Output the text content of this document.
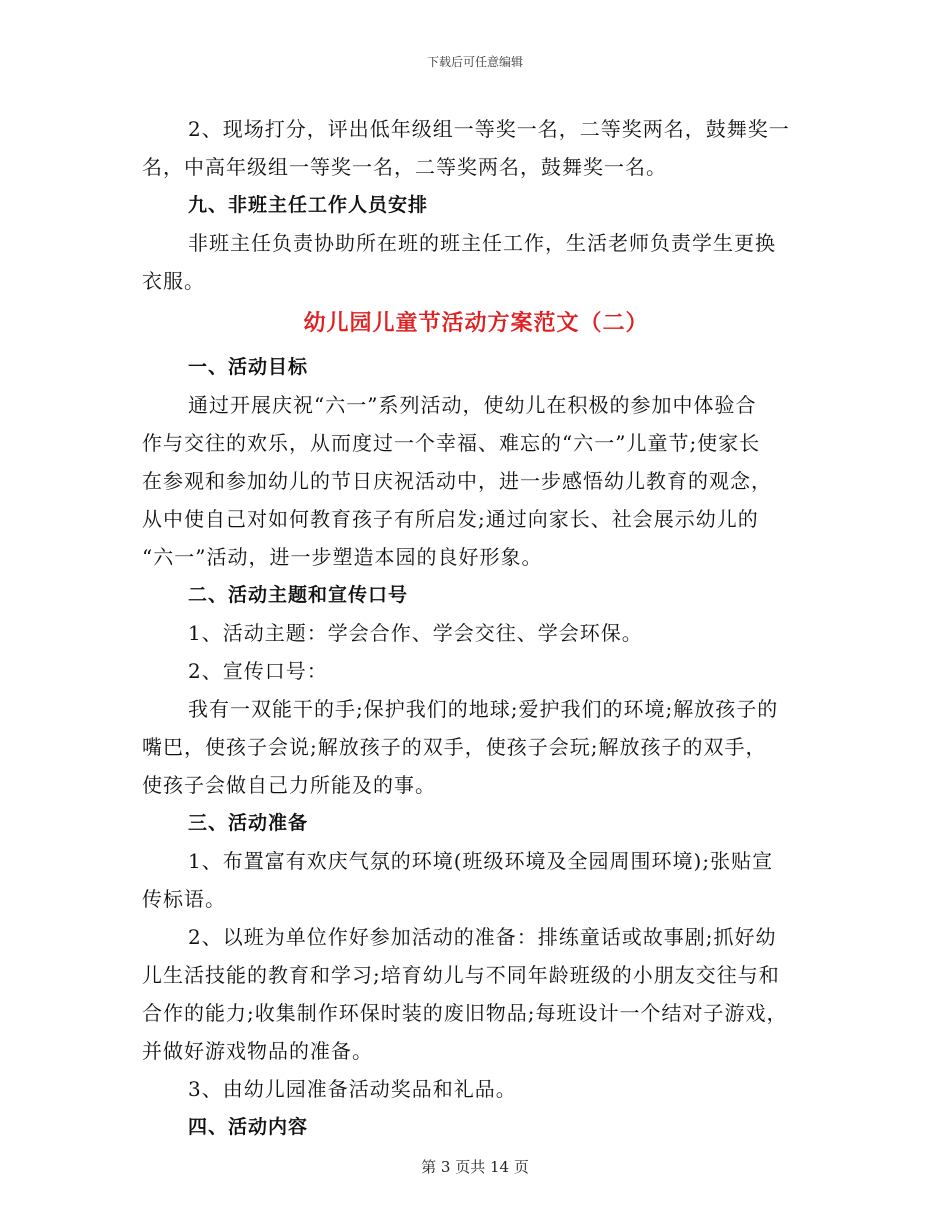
下载后可任意编辑

2、现场打分，评出低年级组一等奖一名，二等奖两名，鼓舞奖一

名，中高年级组一等奖一名，二等奖两名，鼓舞奖一名。

九、非班主任工作人员安排

非班主任负责协助所在班的班主任工作，生活老师负责学生更换

衣服。

幼儿园儿童节活动方案范文（二）

一、活动目标

通过开展庆祝“六一”系列活动，使幼儿在积极的参加中体验合

作与交往的欢乐，从而度过一个幸福、难忘的“六一”儿童节;使家长

在参观和参加幼儿的节日庆祝活动中，进一步感悟幼儿教育的观念，

从中使自己对如何教育孩子有所启发;通过向家长、社会展示幼儿的

“六一”活动，进一步塑造本园的良好形象。

二、活动主题和宣传口号

1、活动主题：学会合作、学会交往、学会环保。

2、宣传口号：

我有一双能干的手;保护我们的地球;爱护我们的环境;解放孩子的

嘴巴，使孩子会说;解放孩子的双手，使孩子会玩;解放孩子的双手，

使孩子会做自己力所能及的事。

三、活动准备

1、布置富有欢庆气氛的环境(班级环境及全园周围环境);张贴宣

传标语。

2、以班为单位作好参加活动的准备：排练童话或故事剧;抓好幼

儿生活技能的教育和学习;培育幼儿与不同年龄班级的小朋友交往与和

合作的能力;收集制作环保时装的废旧物品;每班设计一个结对子游戏，

并做好游戏物品的准备。

3、由幼儿园准备活动奖品和礼品。

四、活动内容

第 3 页共 14 页
